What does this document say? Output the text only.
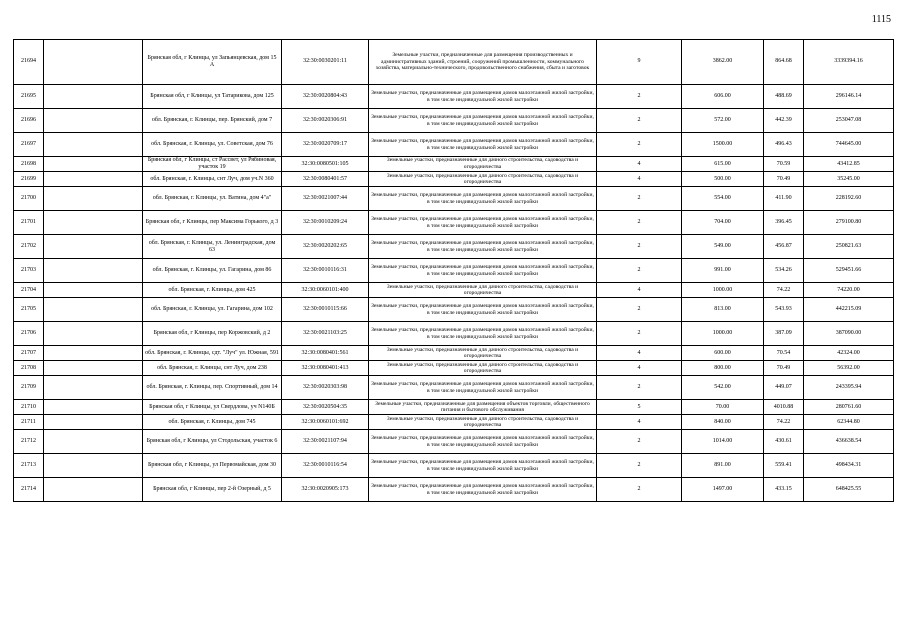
1115
21694		Брянская обл, г Клинцы, ул Запьянцевская, дом 15 А	32:30:0030201:11	Земельные участки, предназначенные для размещения производственных и административных зданий, строений, сооружений промышленности, коммунального хозяйства, материально-технического, продовольственного снабжения, сбыта и заготовок	9	3862.00	864.68	3339394.16
21695		Брянская обл, г Клинцы, ул Татарикова, дом 125	32:30:0020804:43	Земельные участки, предназначенные для размещения домов малоэтажной жилой застройки, в том числе индивидуальной жилой застройки	2	606.00	488.69	296146.14
21696		обл. Брянская, г. Клинцы, пер. Брянский, дом 7	32:30:0020306:91	Земельные участки, предназначенные для размещения домов малоэтажной жилой застройки, в том числе индивидуальной жилой застройки	2	572.00	442.39	253047.08
21697		обл. Брянская, г. Клинцы, ул. Советская, дом 76	32:30:0020709:17	Земельные участки, предназначенные для размещения домов малоэтажной жилой застройки, в том числе индивидуальной жилой застройки	2	1500.00	496.43	744645.00
21698		Брянская обл, г Клинцы, ст Рассвет, ул Рябиновая, участок 19	32:30:0080501:105	Земельные участки, предназначенные для дачного строительства, садоводства и огородничества	4	615.00	70.59	43412.85
21699		обл. Брянская, г. Клинцы, снт Луч, дом уч.N 360	32:30:0080401:57	Земельные участки, предназначенные для дачного строительства, садоводства и огородничества	4	500.00	70.49	35245.00
21700		обл. Брянская, г. Клинцы, ул. Ватина, дом 4"а"	32:30:0021007:44	Земельные участки, предназначенные для размещения домов малоэтажной жилой застройки, в том числе индивидуальной жилой застройки	2	554.00	411.90	228192.60
21701		Брянская обл, г Клинцы, пер Максима Горького, д 3	32:30:0010209:24	Земельные участки, предназначенные для размещения домов малоэтажной жилой застройки, в том числе индивидуальной жилой застройки	2	704.00	396.45	279100.80
21702		обл. Брянская, г. Клинцы, ул. Ленинградская, дом 63	32:30:0020202:65	Земельные участки, предназначенные для размещения домов малоэтажной жилой застройки, в том числе индивидуальной жилой застройки	2	549.00	456.87	250821.63
21703		обл. Брянская, г. Клинцы, ул. Гагарина, дом 86	32:30:0010116:31	Земельные участки, предназначенные для размещения домов малоэтажной жилой застройки, в том числе индивидуальной жилой застройки	2	991.00	534.26	529451.66
21704		обл. Брянская, г. Клинцы, дом 425	32:30:0060101:400	Земельные участки, предназначенные для дачного строительства, садоводства и огородничества	4	1000.00	74.22	74220.00
21705		обл. Брянская, г. Клинцы, ул. Гагарина, дом 102	32:30:0010115:66	Земельные участки, предназначенные для размещения домов малоэтажной жилой застройки, в том числе индивидуальной жилой застройки	2	813.00	543.93	442215.09
21706		Брянская обл, г Клинцы, пер Коржовский, д 2	32:30:0021103:25	Земельные участки, предназначенные для размещения домов малоэтажной жилой застройки, в том числе индивидуальной жилой застройки	2	1000.00	387.09	387090.00
21707		обл. Брянская, г. Клинцы, сдт. "Луч" ул. Южная, 591	32:30:0080401:561	Земельные участки, предназначенные для дачного строительства, садоводства и огородничества	4	600.00	70.54	42324.00
21708		обл. Брянская, г. Клинцы, снт Луч, дом 238	32:30:0080401:413	Земельные участки, предназначенные для дачного строительства, садоводства и огородничества	4	800.00	70.49	56392.00
21709		обл. Брянская, г. Клинцы, пер. Спортивный, дом 14	32:30:0020303:98	Земельные участки, предназначенные для размещения домов малоэтажной жилой застройки, в том числе индивидуальной жилой застройки	2	542.00	449.07	243395.94
21710		Брянская обл, г Клинцы, ул Свердлова, уч N140Б	32:30:0020504:35	Земельные участки, предназначенные для размещения объектов торговли, общественного питания и бытового обслуживания	5	70.00	4010.88	280761.60
21711		обл. Брянская, г. Клинцы, дом 745	32:30:0060101:692	Земельные участки, предназначенные для дачного строительства, садоводства и огородничества	4	840.00	74.22	62344.80
21712		Брянская обл, г Клинцы, ул Стодольская, участок 6	32:30:0021107:94	Земельные участки, предназначенные для размещения домов малоэтажной жилой застройки, в том числе индивидуальной жилой застройки	2	1014.00	430.61	436638.54
21713		Брянская обл, г Клинцы, ул Первомайская, дом 30	32:30:0010116:54	Земельные участки, предназначенные для размещения домов малоэтажной жилой застройки, в том числе индивидуальной жилой застройки	2	891.00	559.41	498434.31
21714		Брянская обл, г Клинцы, пер 2-й Озерный, д 5	32:30:0020905:173	Земельные участки, предназначенные для размещения домов малоэтажной жилой застройки, в том числе индивидуальной жилой застройки	2	1497.00	433.15	648425.55
